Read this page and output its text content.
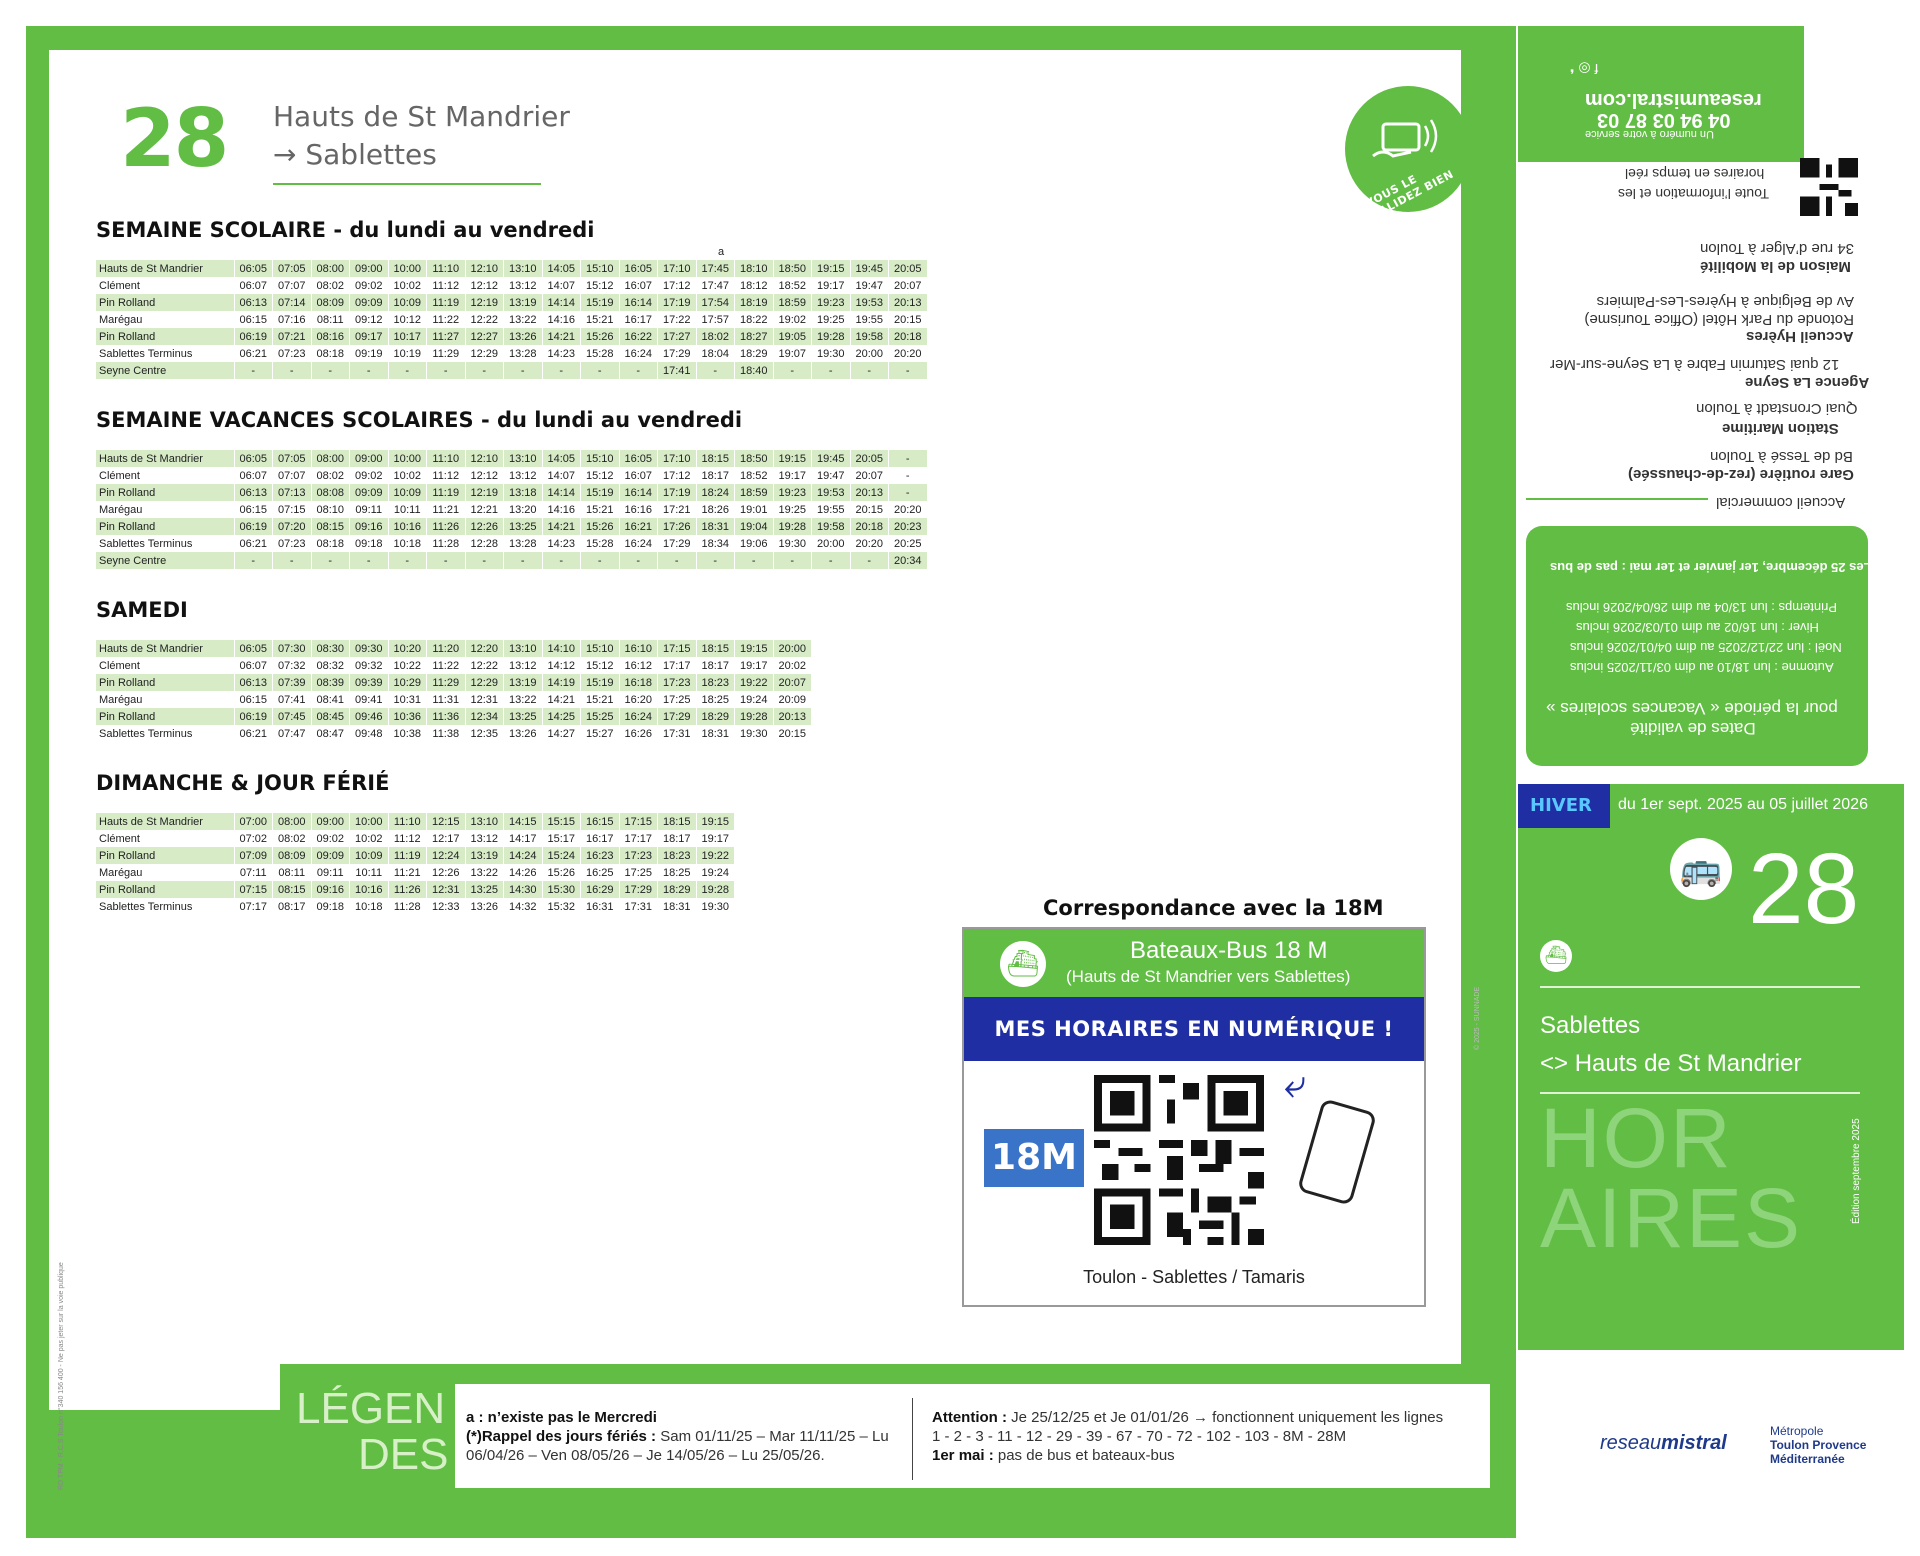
28 Hauts de St Mandrier
→ Sablettes
VOUS LE VALIDEZ BIEN
SEMAINE SCOLAIRE - du lundi au vendredi
a
Hauts de St Mandrier	06:05	07:05	08:00	09:00	10:00	11:10	12:10	13:10	14:05	15:10	16:05	17:10	17:45	18:10	18:50	19:15	19:45	20:05
Clément	06:07	07:07	08:02	09:02	10:02	11:12	12:12	13:12	14:07	15:12	16:07	17:12	17:47	18:12	18:52	19:17	19:47	20:07
Pin Rolland	06:13	07:14	08:09	09:09	10:09	11:19	12:19	13:19	14:14	15:19	16:14	17:19	17:54	18:19	18:59	19:23	19:53	20:13
Marégau	06:15	07:16	08:11	09:12	10:12	11:22	12:22	13:22	14:16	15:21	16:17	17:22	17:57	18:22	19:02	19:25	19:55	20:15
Pin Rolland	06:19	07:21	08:16	09:17	10:17	11:27	12:27	13:26	14:21	15:26	16:22	17:27	18:02	18:27	19:05	19:28	19:58	20:18
Sablettes Terminus	06:21	07:23	08:18	09:19	10:19	11:29	12:29	13:28	14:23	15:28	16:24	17:29	18:04	18:29	19:07	19:30	20:00	20:20
Seyne Centre	-	-	-	-	-	-	-	-	-	-	-	17:41	-	18:40	-	-	-	-
SEMAINE VACANCES SCOLAIRES - du lundi au vendredi
Hauts de St Mandrier	06:05	07:05	08:00	09:00	10:00	11:10	12:10	13:10	14:05	15:10	16:05	17:10	18:15	18:50	19:15	19:45	20:05	-
Clément	06:07	07:07	08:02	09:02	10:02	11:12	12:12	13:12	14:07	15:12	16:07	17:12	18:17	18:52	19:17	19:47	20:07	-
Pin Rolland	06:13	07:13	08:08	09:09	10:09	11:19	12:19	13:18	14:14	15:19	16:14	17:19	18:24	18:59	19:23	19:53	20:13	-
Marégau	06:15	07:15	08:10	09:11	10:11	11:21	12:21	13:20	14:16	15:21	16:16	17:21	18:26	19:01	19:25	19:55	20:15	20:20
Pin Rolland	06:19	07:20	08:15	09:16	10:16	11:26	12:26	13:25	14:21	15:26	16:21	17:26	18:31	19:04	19:28	19:58	20:18	20:23
Sablettes Terminus	06:21	07:23	08:18	09:18	10:18	11:28	12:28	13:28	14:23	15:28	16:24	17:29	18:34	19:06	19:30	20:00	20:20	20:25
Seyne Centre	-	-	-	-	-	-	-	-	-	-	-	-	-	-	-	-	-	20:34
SAMEDI
Hauts de St Mandrier	06:05	07:30	08:30	09:30	10:20	11:20	12:20	13:10	14:10	15:10	16:10	17:15	18:15	19:15	20:00
Clément	06:07	07:32	08:32	09:32	10:22	11:22	12:22	13:12	14:12	15:12	16:12	17:17	18:17	19:17	20:02
Pin Rolland	06:13	07:39	08:39	09:39	10:29	11:29	12:29	13:19	14:19	15:19	16:18	17:23	18:23	19:22	20:07
Marégau	06:15	07:41	08:41	09:41	10:31	11:31	12:31	13:22	14:21	15:21	16:20	17:25	18:25	19:24	20:09
Pin Rolland	06:19	07:45	08:45	09:46	10:36	11:36	12:34	13:25	14:25	15:25	16:24	17:29	18:29	19:28	20:13
Sablettes Terminus	06:21	07:47	08:47	09:48	10:38	11:38	12:35	13:26	14:27	15:27	16:26	17:31	18:31	19:30	20:15
DIMANCHE & JOUR FÉRIÉ
Hauts de St Mandrier	07:00	08:00	09:00	10:00	11:10	12:15	13:10	14:15	15:15	16:15	17:15	18:15	19:15
Clément	07:02	08:02	09:02	10:02	11:12	12:17	13:12	14:17	15:17	16:17	17:17	18:17	19:17
Pin Rolland	07:09	08:09	09:09	10:09	11:19	12:24	13:19	14:24	15:24	16:23	17:23	18:23	19:22
Marégau	07:11	08:11	09:11	10:11	11:21	12:26	13:22	14:26	15:26	16:25	17:25	18:25	19:24
Pin Rolland	07:15	08:15	09:16	10:16	11:26	12:31	13:25	14:30	15:30	16:29	17:29	18:29	19:28
Sablettes Terminus	07:17	08:17	09:18	10:18	11:28	12:33	13:26	14:32	15:32	16:31	17:31	18:31	19:30	Correspondance avec la 18M
⛴	Bateaux-Bus 18 M
(Hauts de St Mandrier vers Sablettes)
MES HORAIRES EN NUMÉRIQUE !
18M
⤶
Toulon - Sablettes / Tamaris
LÉGEN
DES
a : n’existe pas le Mercredi
(*)Rappel des jours fériés : Sam 01/11/25 – Mar 11/11/25 – Lu 06/04/26 – Ven 08/05/26 – Je 14/05/26 – Lu 25/05/26.
Attention : Je 25/12/25 et Je 01/01/26 → fonctionnent uniquement les lignes 1 - 2 - 3 - 11 - 12 - 29 - 39 - 67 - 70 - 72 - 102 - 103 - 8M - 28M
1er mai : pas de bus et bateaux-bus
RD TPM - R.C.S Toulon n°340 156 400 - Ne pas jeter sur la voie publique
© 2025 - SUNNADE
f ◎ ❛
reseaumistral.com
04 94 03 87 03
Un numéro à votre service
horaires en temps réel
Toute l’information et les
34 rue d’Alger à Toulon
Maison de la Mobilité
12 quai Saturnin Fabre à La Seyne-sur-Mer
Agence La Seyne
Rotonde du Park Hôtel (Office Tourisme) Av de Belgique à Hyères-Les-Palmiers
Accueil Hyères
Quai Cronstadt à Toulon
Station Maritime
Bd de Tessé à Toulon
Gare routière (rez-de-chaussée)
Accueil commercial
Les 25 décembre, 1er janvier et 1er mai : pas de bus
Printemps : lun 13/04 au dim 26/04/2026 inclus
Hiver : lun 16/02 au dim 01/03/2026 inclus
Noël : lun 22/12/2025 au dim 04/01/2026 inclus
Automne : lun 18/10 au dim 03/11/2025 inclus
pour la période « Vacances scolaires »
Dates de validité
HIVER	du 1er sept. 2025 au 05 juillet 2026
🚌 28
⛴
Sablettes
<> Hauts de St Mandrier
HOR
AIRES	Édition septembre 2025
reseaumistral
Métropole
Toulon Provence
Méditerranée
